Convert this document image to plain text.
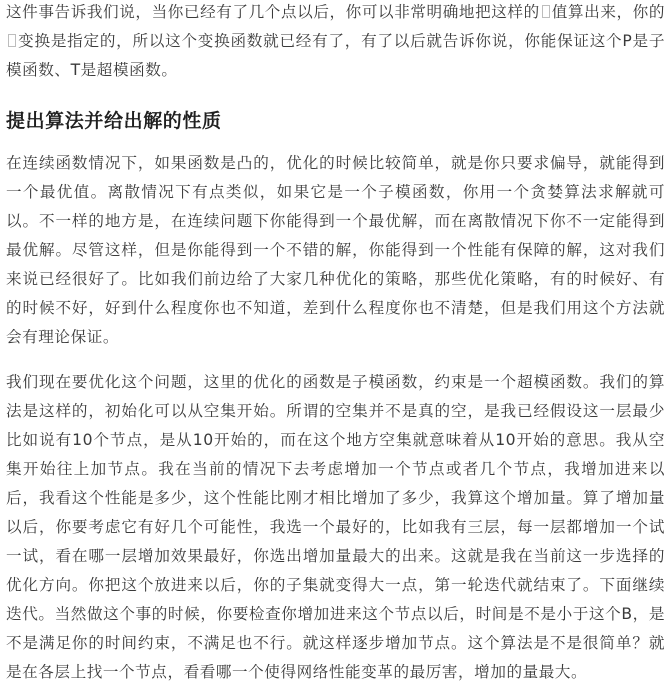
这件事告诉我们说，当你已经有了几个点以后，你可以非常明确地把这样的 值算出来，你的变换是指定的，所以这个变换函数就已经有了，有了以后就告诉你说，你能保证这个P是子模函数、T是超模函数。

提出算法并给出解的性质

在连续函数情况下，如果函数是凸的，优化的时候比较简单，就是你只要求偏导，就能得到一个最优值。离散情况下有点类似，如果它是一个子模函数，你用一个贪婪算法求解就可以。不一样的地方是，在连续问题下你能得到一个最优解，而在离散情况下你不一定能得到最优解。尽管这样，但是你能得到一个不错的解，你能得到一个性能有保障的解，这对我们来说已经很好了。比如我们前边给了大家几种优化的策略，那些优化策略，有的时候好、有的时候不好，好到什么程度你也不知道，差到什么程度你也不清楚，但是我们用这个方法就会有理论保证。

我们现在要优化这个问题，这里的优化的函数是子模函数，约束是一个超模函数。我们的算法是这样的，初始化可以从空集开始。所谓的空集并不是真的空，是我已经假设这一层最少比如说有10个节点，是从10开始的，而在这个地方空集就意味着从10开始的意思。我从空集开始往上加节点。我在当前的情况下去考虑增加一个节点或者几个节点，我增加进来以后，我看这个性能是多少，这个性能比刚才相比增加了多少，我算这个增加量。算了增加量以后，你要考虑它有好几个可能性，我选一个最好的，比如我有三层，每一层都增加一个试一试，看在哪一层增加效果最好，你选出增加量最大的出来。这就是我在当前这一步选择的优化方向。你把这个放进来以后，你的子集就变得大一点，第一轮迭代就结束了。下面继续迭代。当然做这个事的时候，你要检查你增加进来这个节点以后，时间是不是小于这个B，是不是满足你的时间约束，不满足也不行。就这样逐步增加节点。这个算法是不是很简单？就是在各层上找一个节点，看看哪一个使得网络性能变革的最厉害，增加的量最大。
